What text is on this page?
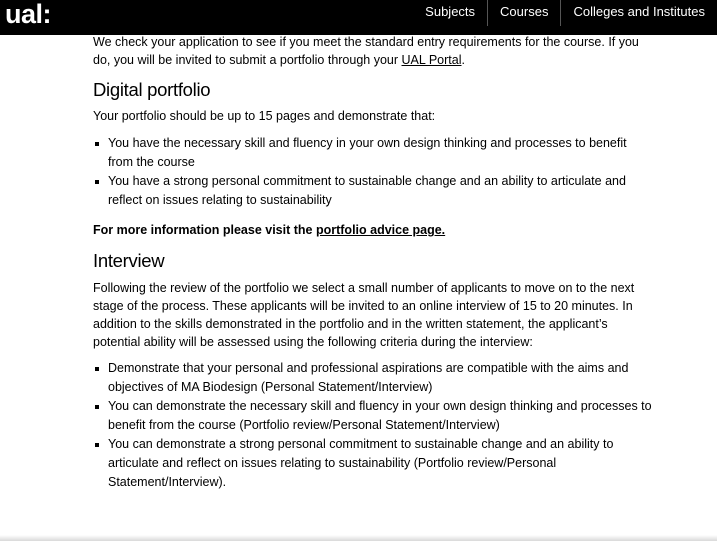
ual:	Subjects	Courses	Colleges and Institutes

We check your application to see if you meet the standard entry requirements for the course. If you do, you will be invited to submit a portfolio through your UAL Portal.

Digital portfolio

Your portfolio should be up to 15 pages and demonstrate that:

You have the necessary skill and fluency in your own design thinking and processes to benefit from the course
You have a strong personal commitment to sustainable change and an ability to articulate and reflect on issues relating to sustainability

For more information please visit the portfolio advice page.

Interview

Following the review of the portfolio we select a small number of applicants to move on to the next stage of the process. These applicants will be invited to an online interview of 15 to 20 minutes. In addition to the skills demonstrated in the portfolio and in the written statement, the applicant’s potential ability will be assessed using the following criteria during the interview:

Demonstrate that your personal and professional aspirations are compatible with the aims and objectives of MA Biodesign (Personal Statement/Interview)
You can demonstrate the necessary skill and fluency in your own design thinking and processes to benefit from the course (Portfolio review/Personal Statement/Interview)
You can demonstrate a strong personal commitment to sustainable change and an ability to articulate and reflect on issues relating to sustainability (Portfolio review/Personal Statement/Interview).
